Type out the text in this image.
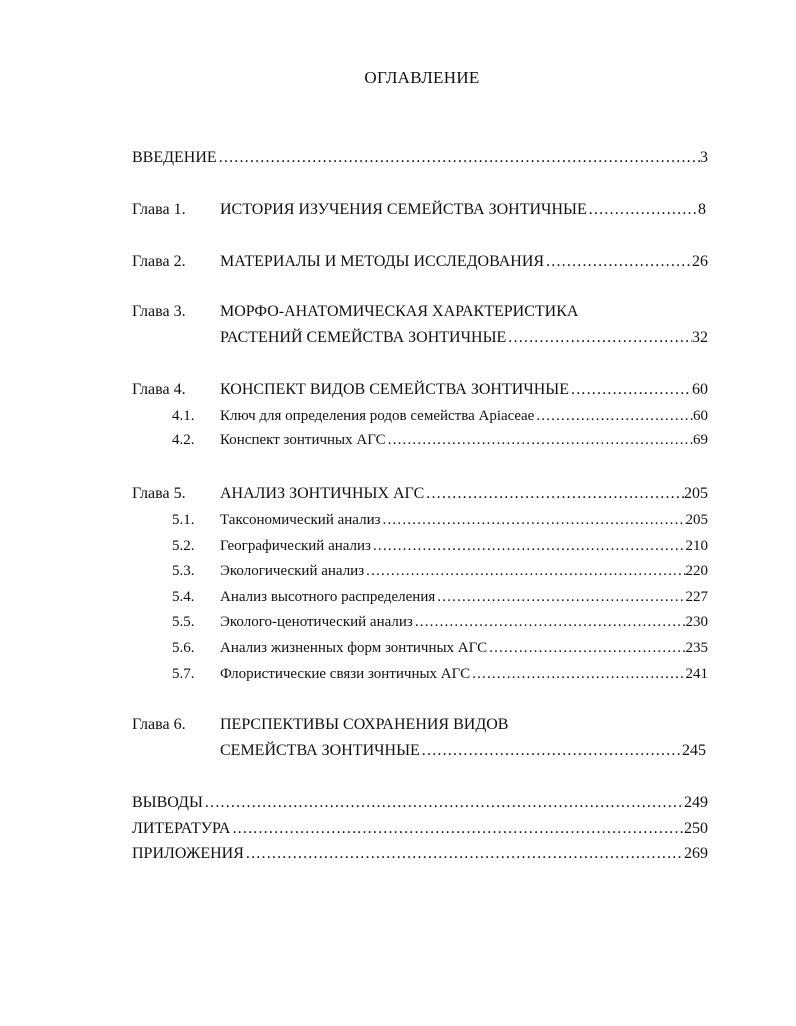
ОГЛАВЛЕНИЕ
ВВЕДЕНИЕ .....	3
Глава 1.	ИСТОРИЯ ИЗУЧЕНИЯ СЕМЕЙСТВА ЗОНТИЧНЫЕ .....	8
Глава 2.	МАТЕРИАЛЫ И МЕТОДЫ ИССЛЕДОВАНИЯ .....	26
Глава 3.	МОРФО-АНАТОМИЧЕСКАЯ ХАРАКТЕРИСТИКА
РАСТЕНИЙ СЕМЕЙСТВА ЗОНТИЧНЫЕ .....	32
Глава 4.	КОНСПЕКТ ВИДОВ СЕМЕЙСТВА ЗОНТИЧНЫЕ .....	60
4.1.	Ключ для определения родов семейства Apiaceae .....	60
4.2.	Конспект зонтичных АГС .....	69
Глава 5.	АНАЛИЗ ЗОНТИЧНЫХ АГС .....	205
5.1.	Таксономический анализ .....	205
5.2.	Географический анализ .....	210
5.3.	Экологический анализ .....	220
5.4.	Анализ высотного распределения .....	227
5.5.	Эколого-ценотический анализ .....	230
5.6.	Анализ жизненных форм зонтичных АГС .....	235
5.7.	Флористические связи зонтичных АГС .....	241
Глава 6.	ПЕРСПЕКТИВЫ СОХРАНЕНИЯ ВИДОВ
СЕМЕЙСТВА ЗОНТИЧНЫЕ .....	245
ВЫВОДЫ .....	249
ЛИТЕРАТУРА .....	250
ПРИЛОЖЕНИЯ .....	269
